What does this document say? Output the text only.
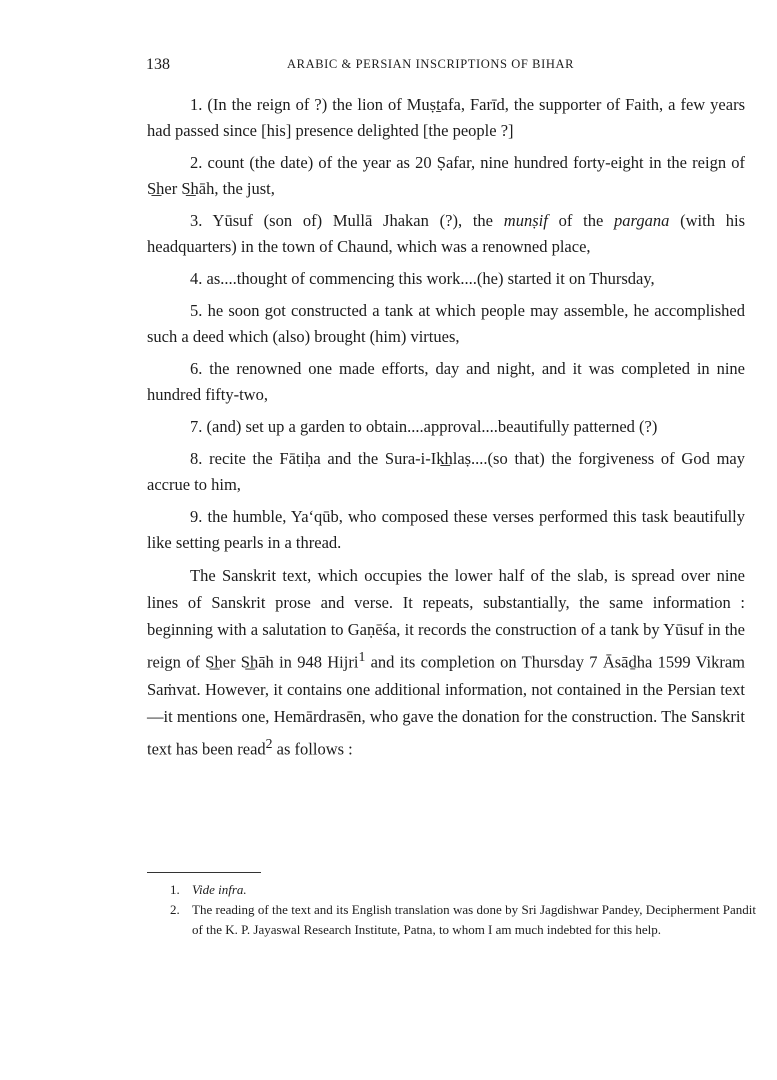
138	ARABIC & PERSIAN INSCRIPTIONS OF BIHAR

1. (In the reign of ?) the lion of Muṣṯafa, Farīd, the supporter of Faith, a few years had passed since [his] presence delighted [the people ?]

2. count (the date) of the year as 20 Ṣafar, nine hundred forty-eight in the reign of S͟her S͟hāh, the just,

3. Yūsuf (son of) Mullā Jhakan (?), the munṣif of the pargana (with his headquarters) in the town of Chaund, which was a renowned place,

4. as....thought of commencing this work....(he) started it on Thursday,

5. he soon got constructed a tank at which people may assemble, he accomplished such a deed which (also) brought (him) virtues,

6. the renowned one made efforts, day and night, and it was completed in nine hundred fifty-two,

7. (and) set up a garden to obtain....approval....beautifully patterned (?)

8. recite the Fātiḥa and the Sura-i-Ik͟hlaṣ....(so that) the forgiveness of God may accrue to him,

9. the humble, Ya‘qūb, who composed these verses performed this task beautifully like setting pearls in a thread.

The Sanskrit text, which occupies the lower half of the slab, is spread over nine lines of Sanskrit prose and verse. It repeats, substantially, the same information : beginning with a salutation to Gaṇēśa, it records the construction of a tank by Yūsuf in the reign of S͟her S͟hāh in 948 Hijri$^1$ and its completion on Thursday 7 Āsāḏha 1599 Vikram Saṁvat. However, it contains one additional information, not contained in the Persian text—it mentions one, Hemārdrasēn, who gave the donation for the construction. The Sanskrit text has been read$^2$ as follows :

1. Vide infra.

2. The reading of the text and its English translation was done by Sri Jagdishwar Pandey, Decipherment Pandit of the K. P. Jayaswal Research Institute, Patna, to whom I am much indebted for this help.
